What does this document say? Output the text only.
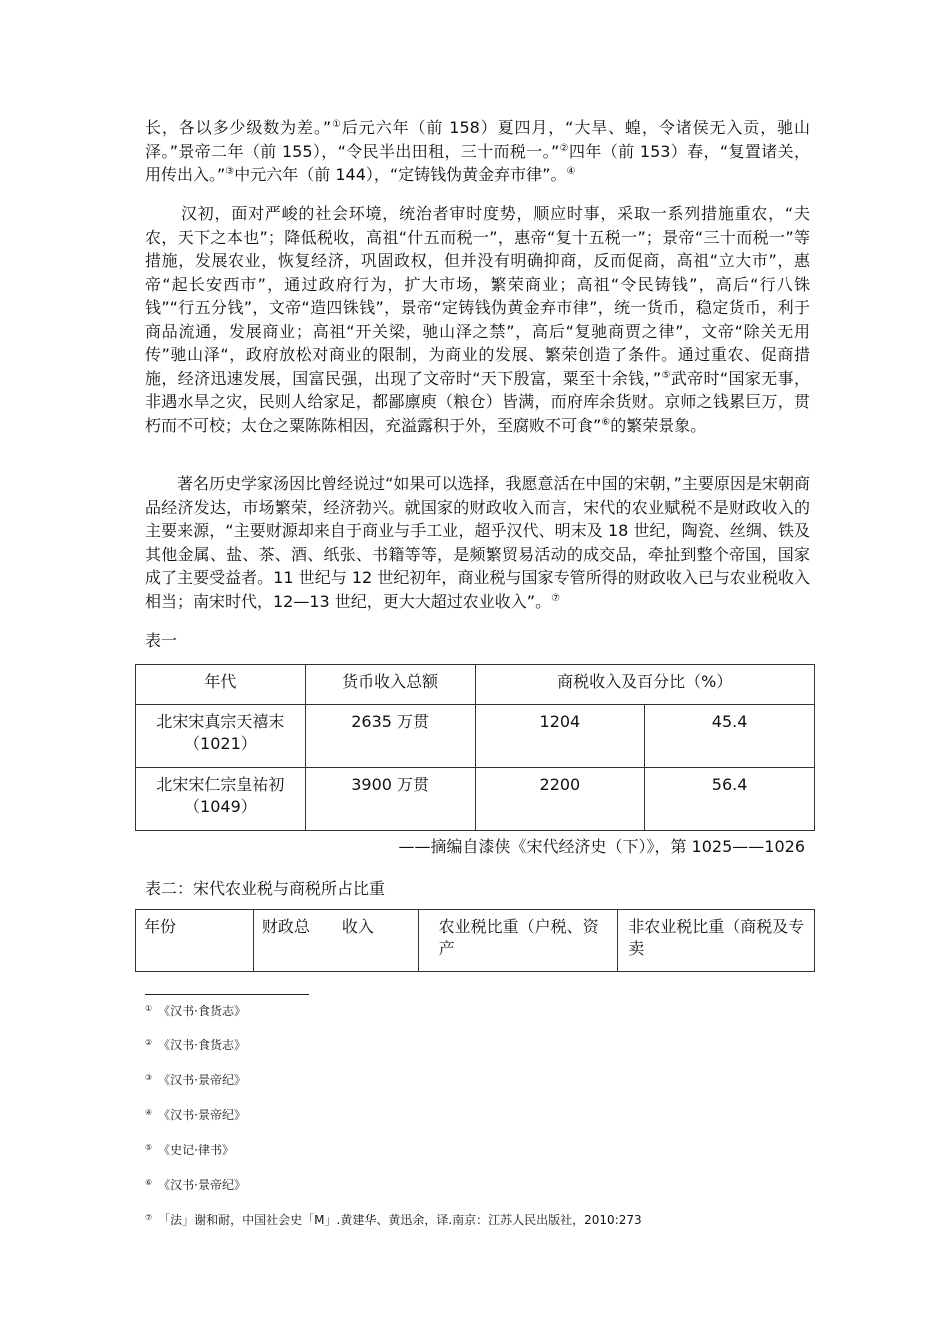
长，各以多少级数为差。”①后元六年（前 158）夏四月，“大旱、蝗，令诸侯无入贡，驰山泽。”景帝二年（前 155），“令民半出田租，三十而税一。”②四年（前 153）春，“复置诸关，用传出入。”③中元六年（前 144），“定铸钱伪黄金弃市律”。④

汉初，面对严峻的社会环境，统治者审时度势，顺应时事，采取一系列措施重农，“夫农，天下之本也”；降低税收，高祖“什五而税一”，惠帝“复十五税一”；景帝“三十而税一”等措施，发展农业，恢复经济，巩固政权，但并没有明确抑商，反而促商，高祖“立大市”，惠帝“起长安西市”，通过政府行为，扩大市场，繁荣商业；高祖“令民铸钱”，高后“行八铢钱”“行五分钱”，文帝“造四铢钱”，景帝“定铸钱伪黄金弃市律”，统一货币，稳定货币，利于商品流通，发展商业；高祖“开关梁，驰山泽之禁”，高后“复驰商贾之律”，文帝“除关无用传”驰山泽“，政府放松对商业的限制，为商业的发展、繁荣创造了条件。通过重农、促商措施，经济迅速发展，国富民强，出现了文帝时“天下殷富，粟至十余钱，”⑤武帝时“国家无事，非遇水旱之灾，民则人给家足，都鄙廪庾（粮仓）皆满，而府库余货财。京师之钱累巨万，贯朽而不可校；太仓之粟陈陈相因，充溢露积于外，至腐败不可食”⑥的繁荣景象。

著名历史学家汤因比曾经说过“如果可以选择，我愿意活在中国的宋朝，”主要原因是宋朝商品经济发达，市场繁荣，经济勃兴。就国家的财政收入而言，宋代的农业赋税不是财政收入的主要来源，“主要财源却来自于商业与手工业，超乎汉代、明末及 18 世纪，陶瓷、丝绸、铁及其他金属、盐、茶、酒、纸张、书籍等等，是频繁贸易活动的成交品，牵扯到整个帝国，国家成了主要受益者。11 世纪与 12 世纪初年，商业税与国家专管所得的财政收入已与农业税收入相当；南宋时代，12—13 世纪，更大大超过农业收入”。⑦

表一

年代	货币收入总额	商税收入及百分比（%）	
北宋宋真宗天禧末（1021）	2635 万贯	1204	45.4
北宋宋仁宗皇祐初（1049）	3900 万贯	2200	56.4

——摘编自漆侠《宋代经济史（下）》，第 1025——1026

表二：宋代农业税与商税所占比重

年份	财政总　　收入	农业税比重（户税、资产	非农业税比重（商税及专卖

① 《汉书·食货志》

② 《汉书·食货志》

③ 《汉书·景帝纪》

④ 《汉书·景帝纪》

⑤ 《史记·律书》

⑥ 《汉书·景帝纪》

⑦ 「法」谢和耐，中国社会史「M」.黄建华、黄迅余，译.南京：江苏人民出版社，2010:273
